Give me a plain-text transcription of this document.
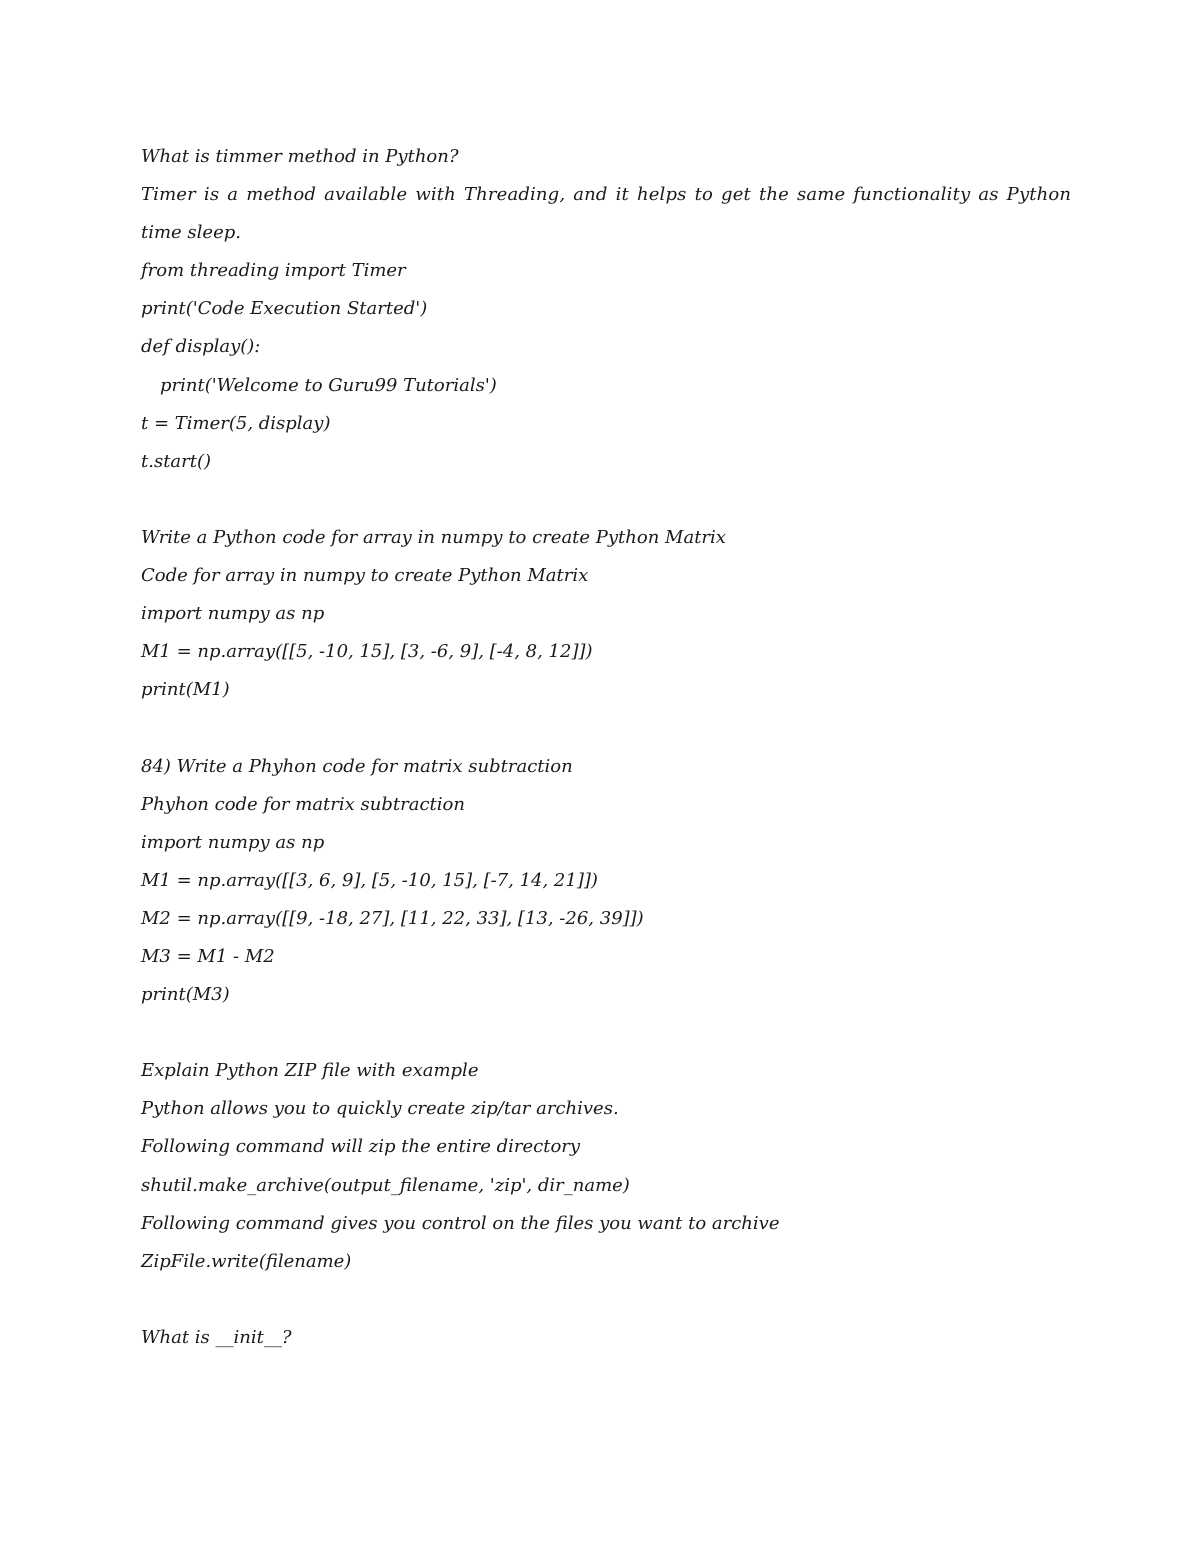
What is timmer method in Python?
Timer is a method available with Threading, and it helps to get the same functionality as Python
time sleep.
from threading import Timer
print('Code Execution Started')
def display():
print('Welcome to Guru99 Tutorials')
t = Timer(5, display)
t.start()
Write a Python code for array in numpy to create Python Matrix
Code for array in numpy to create Python Matrix
import numpy as np
M1 = np.array([[5, -10, 15], [3, -6, 9], [-4, 8, 12]])
print(M1)
84) Write a Phyhon code for matrix subtraction
Phyhon code for matrix subtraction
import numpy as np
M1 = np.array([[3, 6, 9], [5, -10, 15], [-7, 14, 21]])
M2 = np.array([[9, -18, 27], [11, 22, 33], [13, -26, 39]])
M3 = M1 - M2
print(M3)
Explain Python ZIP file with example
Python allows you to quickly create zip/tar archives.
Following command will zip the entire directory
shutil.make_archive(output_filename, 'zip', dir_name)
Following command gives you control on the files you want to archive
ZipFile.write(filename)
What is __init__?
